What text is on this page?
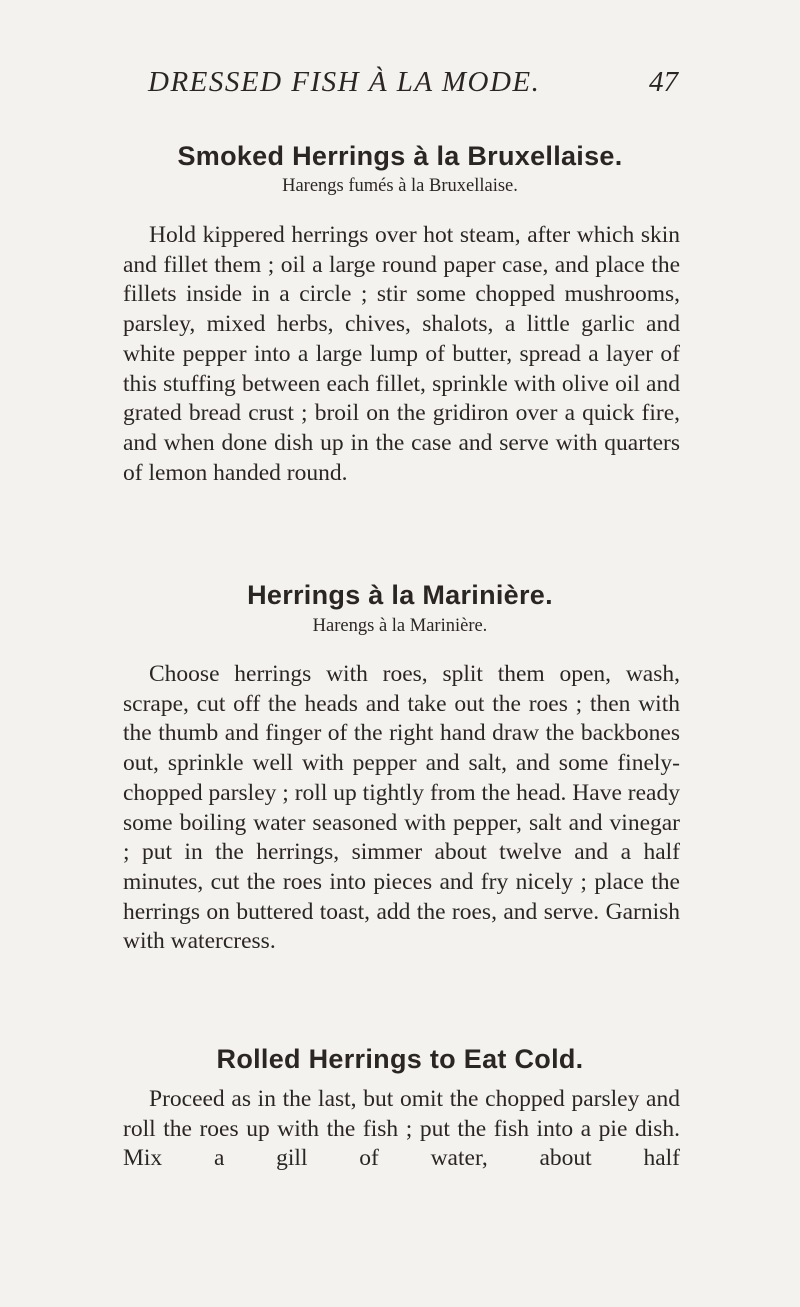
DRESSED FISH À LA MODE.	47
Smoked Herrings à la Bruxellaise.
Harengs fumés à la Bruxellaise.

Hold kippered herrings over hot steam, after which skin and fillet them ; oil a large round paper case, and place the fillets inside in a circle ; stir some chopped mushrooms, parsley, mixed herbs, chives, shalots, a little garlic and white pepper into a large lump of butter, spread a layer of this stuffing between each fillet, sprinkle with olive oil and grated bread crust ; broil on the gridiron over a quick fire, and when done dish up in the case and serve with quarters of lemon handed round.

Herrings à la Marinière.
Harengs à la Marinière.

Choose herrings with roes, split them open, wash, scrape, cut off the heads and take out the roes ; then with the thumb and finger of the right hand draw the backbones out, sprinkle well with pepper and salt, and some finely-chopped parsley ; roll up tightly from the head. Have ready some boiling water seasoned with pepper, salt and vinegar ; put in the herrings, simmer about twelve and a half minutes, cut the roes into pieces and fry nicely ; place the herrings on buttered toast, add the roes, and serve. Garnish with watercress.

Rolled Herrings to Eat Cold.

Proceed as in the last, but omit the chopped parsley and roll the roes up with the fish ; put the fish into a pie dish. Mix a gill of water, about half
